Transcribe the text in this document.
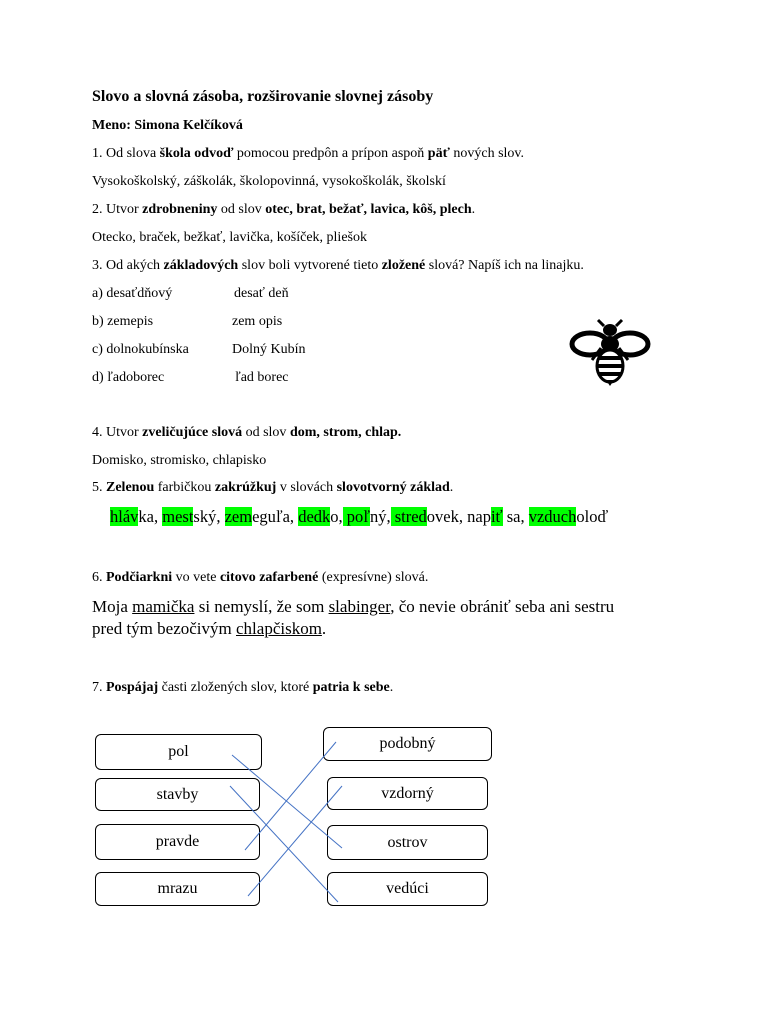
Slovo a slovná zásoba, rozširovanie slovnej zásoby
Meno: Simona Kelčíková
1. Od slova škola odvoď pomocou predpôn a prípon aspoň päť nových slov.
Vysokoškolský, záškolák, školopovinná, vysokoškolák, školskí
2. Utvor zdrobneniny od slov otec, brat, bežať, lavica, kôš, plech.
Otecko, braček, bežkať, lavička, košíček, pliešok
3. Od akých základových slov boli vytvorené tieto zložené slová? Napíš ich na linajku.
a) desaťdňový	desať deň
b) zemepis	zem opis
c) dolnokubínska	Dolný Kubín
d) ľadoborec	ľad borec
4. Utvor zveličujúce slová od slov dom, strom, chlap.
Domisko, stromisko, chlapisko
5. Zelenou farbičkou zakrúžkuj v slovách slovotvorný základ.
hlávka, mestský, zemeguľa, dedko, poľný, stredovek, napiť sa, vzducholoď
6. Podčiarkni vo vete citovo zafarbené (expresívne) slová.
Moja mamička si nemyslí, že som slabinger, čo nevie obrániť seba ani sestru
pred tým bezočivým chlapčiskom.
7. Pospájaj časti zložených slov, ktoré patria k sebe.
pol
stavby
pravde
mrazu
podobný
vzdorný
ostrov
vedúci
